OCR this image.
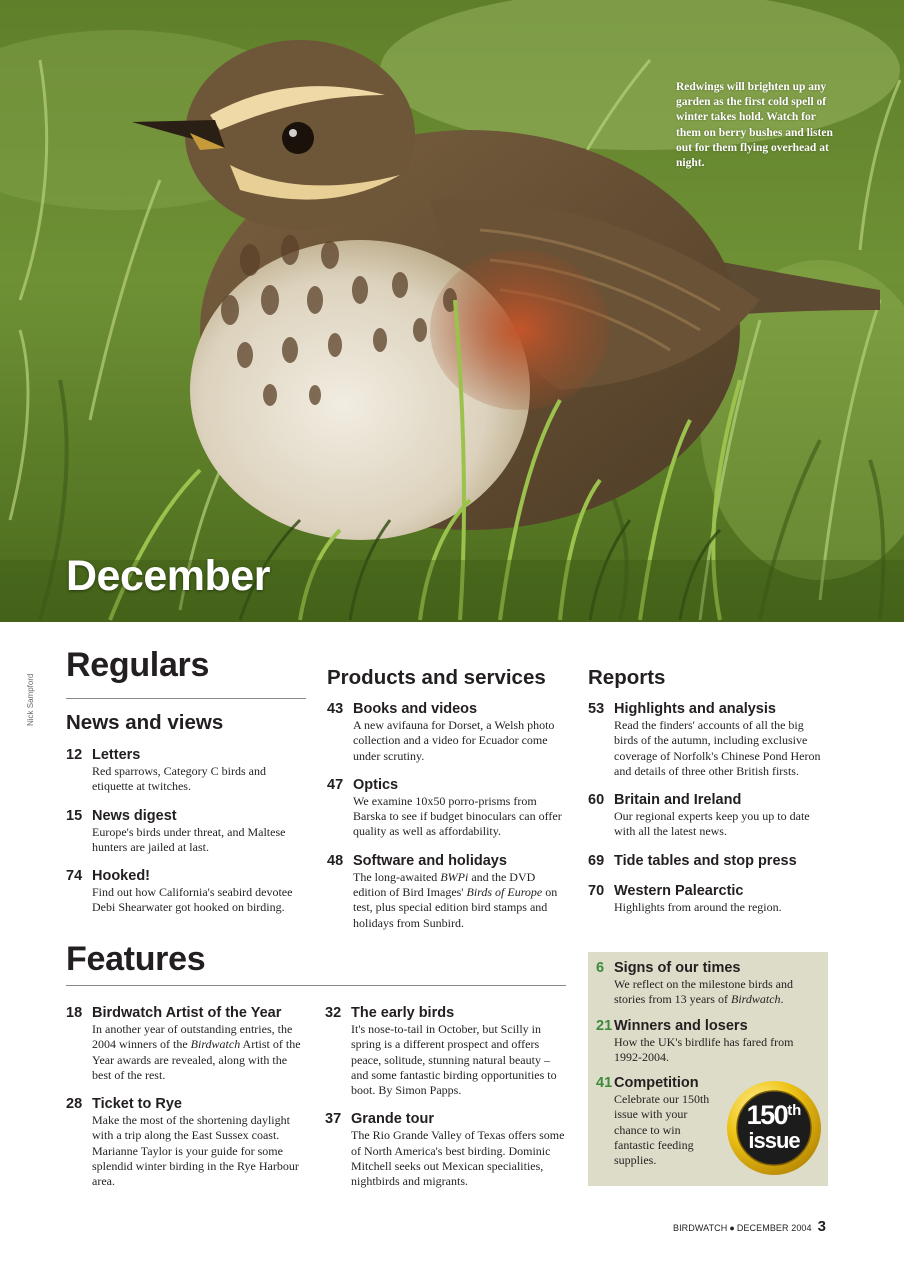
Redwings will brighten up any garden as the first cold spell of winter takes hold. Watch for them on berry bushes and listen out for them flying overhead at night.
December
Nick Sampford
Regulars
News and views
12 Letters
Red sparrows, Category C birds and etiquette at twitches.
15 News digest
Europe's birds under threat, and Maltese hunters are jailed at last.
74 Hooked!
Find out how California's seabird devotee Debi Shearwater got hooked on birding.
Products and services
43 Books and videos
A new avifauna for Dorset, a Welsh photo collection and a video for Ecuador come under scrutiny.
47 Optics
We examine 10x50 porro-prisms from Barska to see if budget binoculars can offer quality as well as affordability.
48 Software and holidays
The long-awaited BWPi and the DVD edition of Bird Images' Birds of Europe on test, plus special edition bird stamps and holidays from Sunbird.
Reports
53 Highlights and analysis
Read the finders' accounts of all the big birds of the autumn, including exclusive coverage of Norfolk's Chinese Pond Heron and details of three other British firsts.
60 Britain and Ireland
Our regional experts keep you up to date with all the latest news.
69 Tide tables and stop press
70 Western Palearctic
Highlights from around the region.
Features
18 Birdwatch Artist of the Year
In another year of outstanding entries, the 2004 winners of the Birdwatch Artist of the Year awards are revealed, along with the best of the rest.
28 Ticket to Rye
Make the most of the shortening daylight with a trip along the East Sussex coast. Marianne Taylor is your guide for some splendid winter birding in the Rye Harbour area.
32 The early birds
It's nose-to-tail in October, but Scilly in spring is a different prospect and offers peace, solitude, stunning natural beauty – and some fantastic birding opportunities to boot. By Simon Papps.
37 Grande tour
The Rio Grande Valley of Texas offers some of North America's best birding. Dominic Mitchell seeks out Mexican specialities, nightbirds and migrants.
6 Signs of our times
We reflect on the milestone birds and stories from 13 years of Birdwatch.
21 Winners and losers
How the UK's birdlife has fared from 1992-2004.
41 Competition
Celebrate our 150th issue with your chance to win fantastic feeding supplies.
150th
issue
BIRDWATCH ● DECEMBER 2004 3
